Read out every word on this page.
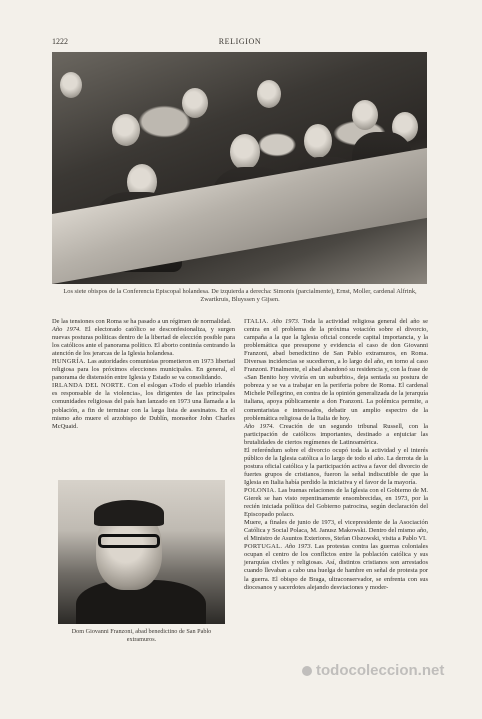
1222	RELIGION
Los siete obispos de la Conferencia Episcopal holandesa. De izquierda a derecha: Simonis (parcialmente), Ernst, Moller, cardenal Alfrink, Zwartkruis, Bluyssen y Gijsen.

De las tensiones con Roma se ha pasado a un régimen de normalidad.

Año 1974. El electorado católico se desconfesionaliza, y surgen nuevas posturas políticas dentro de la libertad de elección posible para los católicos ante el panorama político. El aborto continúa centrando la atención de los jerarcas de la Iglesia holandesa.

HUNGRÍA. Las autoridades comunistas prometieron en 1973 libertad religiosa para los próximos elecciones municipales. En general, el panorama de distensión entre Iglesia y Estado se va consolidando.

IRLANDA DEL NORTE. Con el eslogan «Todo el pueblo irlandés es responsable de la violencia», los dirigentes de las principales comunidades religiosas del país han lanzado en 1973 una llamada a la población, a fin de terminar con la larga lista de asesinatos. En el mismo año muere el arzobispo de Dublín, monseñor John Charles McQuaid.

Dom Giovanni Franzoni, abad benedictino de San Pablo extramuros.

ITALIA. Año 1973. Toda la actividad religiosa general del año se centra en el problema de la próxima votación sobre el divorcio, campaña a la que la Iglesia oficial concede capital importancia, y la problemática que presupone y evidencia el caso de don Giovanni Franzoni, abad benedictino de San Pablo extramuros, en Roma. Diversas incidencias se sucedieron, a lo largo del año, en torno al caso Franzoni. Finalmente, el abad abandonó su residencia y, con la frase de «San Benito hoy viviría en un suburbio», deja sentada su postura de pobreza y se va a trabajar en la periferia pobre de Roma. El cardenal Michele Pellegrino, en contra de la opinión generalizada de la jerarquía italiana, apoya públicamente a don Franzoni. La polémica permite, a comentaristas e interesados, debatir un amplio espectro de la problemática religiosa de la Italia de hoy.

Año 1974. Creación de un segundo tribunal Russell, con la participación de católicos importantes, destinado a enjuiciar las brutalidades de ciertos regímenes de Latinoamérica.

El referéndum sobre el divorcio ocupó toda la actividad y el interés público de la Iglesia católica a lo largo de todo el año. La derrota de la postura oficial católica y la participación activa a favor del divorcio de fuertes grupos de cristianos, fueron la señal indiscutible de que la Iglesia en Italia había perdido la iniciativa y el favor de la mayoría.

POLONIA. Las buenas relaciones de la Iglesia con el Gobierno de M. Gierek se han visto repentinamente ensombrecidas, en 1973, por la recién iniciada política del Gobierno patrocina, según declaración del Episcopado polaco.

Muere, a finales de junio de 1973, el vicepresidente de la Asociación Católica y Social Polaca, M. Janusz Makowski. Dentro del mismo año, el Ministro de Asuntos Exteriores, Stefan Olszowski, visita a Pablo VI.

PORTUGAL. Año 1973. Las protestas contra las guerras coloniales ocupan el centro de los conflictos entre la población católica y sus jerarquías civiles y religiosas. Así, distintos cristianos son arrestados cuando llevaban a cabo una huelga de hambre en señal de protesta por la guerra. El obispo de Braga, ultraconservador, se enfrenta con sus diocesanos y sacerdotes alejando desviaciones y moder-

todocoleccion.net
